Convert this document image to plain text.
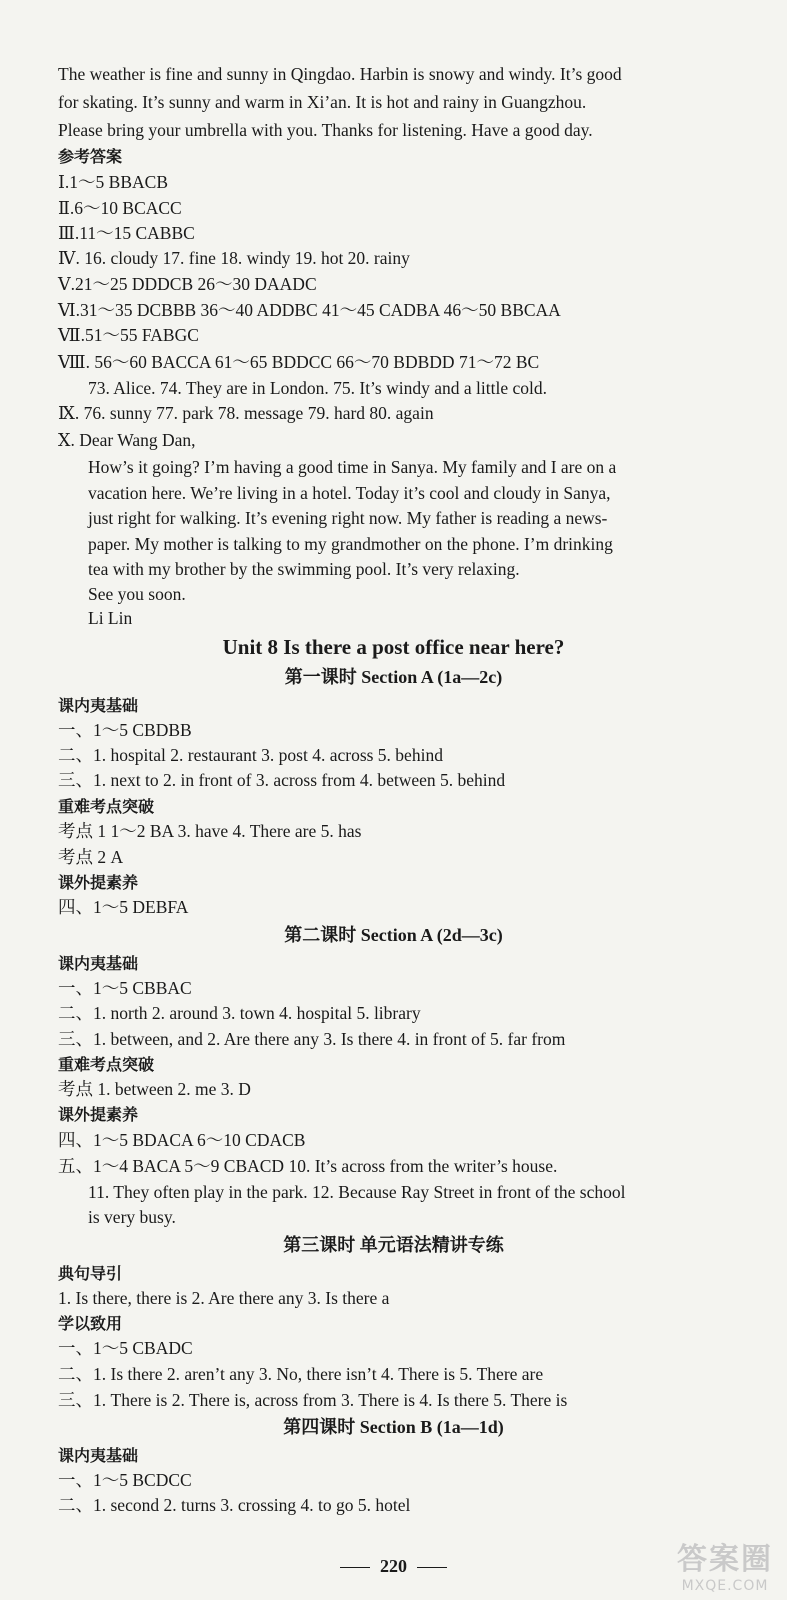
The weather is fine and sunny in Qingdao. Harbin is snowy and windy. It’s good
for skating. It’s sunny and warm in Xi’an. It is hot and rainy in Guangzhou.
Please bring your umbrella with you. Thanks for listening. Have a good day.
参考答案
Ⅰ.1～5 BBACB
Ⅱ.6～10 BCACC
Ⅲ.11～15 CABBC
Ⅳ. 16. cloudy 17. fine 18. windy 19. hot 20. rainy
Ⅴ.21～25 DDDCB 26～30 DAADC
Ⅵ.31～35 DCBBB 36～40 ADDBC 41～45 CADBA 46～50 BBCAA
Ⅶ.51～55 FABGC
Ⅷ. 56～60 BACCA 61～65 BDDCC 66～70 BDBDD 71～72 BC
73. Alice. 74. They are in London. 75. It’s windy and a little cold.
Ⅸ. 76. sunny 77. park 78. message 79. hard 80. again
Ⅹ. Dear Wang Dan,
How’s it going? I’m having a good time in Sanya. My family and I are on a
vacation here. We’re living in a hotel. Today it’s cool and cloudy in Sanya,
just right for walking. It’s evening right now. My father is reading a news-
paper. My mother is talking to my grandmother on the phone. I’m drinking
tea with my brother by the swimming pool. It’s very relaxing.
See you soon.
Li Lin
Unit 8 Is there a post office near here?
第一课时 Section A (1a—2c)
课内夷基础
一、1～5 CBDBB
二、1. hospital 2. restaurant 3. post 4. across 5. behind
三、1. next to 2. in front of 3. across from 4. between 5. behind
重难考点突破
考点 1 1～2 BA 3. have 4. There are 5. has
考点 2 A
课外提素养
四、1～5 DEBFA
第二课时 Section A (2d—3c)
课内夷基础
一、1～5 CBBAC
二、1. north 2. around 3. town 4. hospital 5. library
三、1. between, and 2. Are there any 3. Is there 4. in front of 5. far from
重难考点突破
考点 1. between 2. me 3. D
课外提素养
四、1～5 BDACA 6～10 CDACB
五、1～4 BACA 5～9 CBACD 10. It’s across from the writer’s house.
11. They often play in the park. 12. Because Ray Street in front of the school
is very busy.
第三课时 单元语法精讲专练
典句导引
1. Is there, there is 2. Are there any 3. Is there a
学以致用
一、1～5 CBADC
二、1. Is there 2. aren’t any 3. No, there isn’t 4. There is 5. There are
三、1. There is 2. There is, across from 3. There is 4. Is there 5. There is
第四课时 Section B (1a—1d)
课内夷基础
一、1～5 BCDCC
二、1. second 2. turns 3. crossing 4. to go 5. hotel
220	答案圈
MXQE.COM
